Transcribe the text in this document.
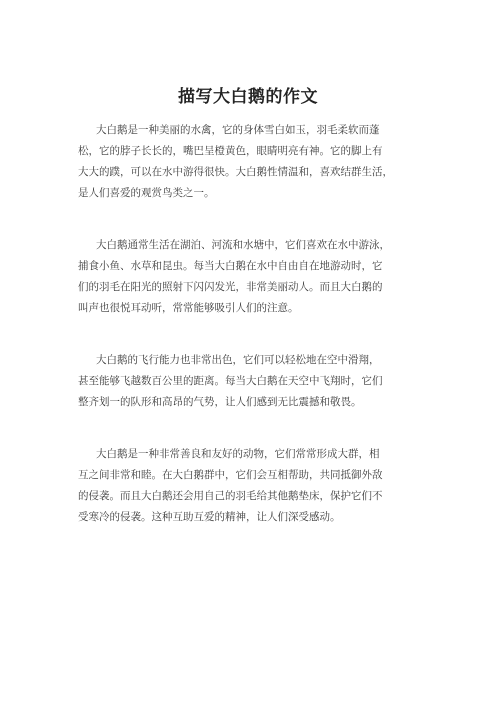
描写大白鹅的作文
大白鹅是一种美丽的水禽，它的身体雪白如玉，羽毛柔软而蓬
松，它的脖子长长的，嘴巴呈橙黄色，眼睛明亮有神。它的脚上有
大大的蹼，可以在水中游得很快。大白鹅性情温和，喜欢结群生活，
是人们喜爱的观赏鸟类之一。
大白鹅通常生活在湖泊、河流和水塘中，它们喜欢在水中游泳，
捕食小鱼、水草和昆虫。每当大白鹅在水中自由自在地游动时，它
们的羽毛在阳光的照射下闪闪发光，非常美丽动人。而且大白鹅的
叫声也很悦耳动听，常常能够吸引人们的注意。
大白鹅的飞行能力也非常出色，它们可以轻松地在空中滑翔，
甚至能够飞越数百公里的距离。每当大白鹅在天空中飞翔时，它们
整齐划一的队形和高昂的气势，让人们感到无比震撼和敬畏。
大白鹅是一种非常善良和友好的动物，它们常常形成大群，相
互之间非常和睦。在大白鹅群中，它们会互相帮助，共同抵御外敌
的侵袭。而且大白鹅还会用自己的羽毛给其他鹅垫床，保护它们不
受寒冷的侵袭。这种互助互爱的精神，让人们深受感动。
